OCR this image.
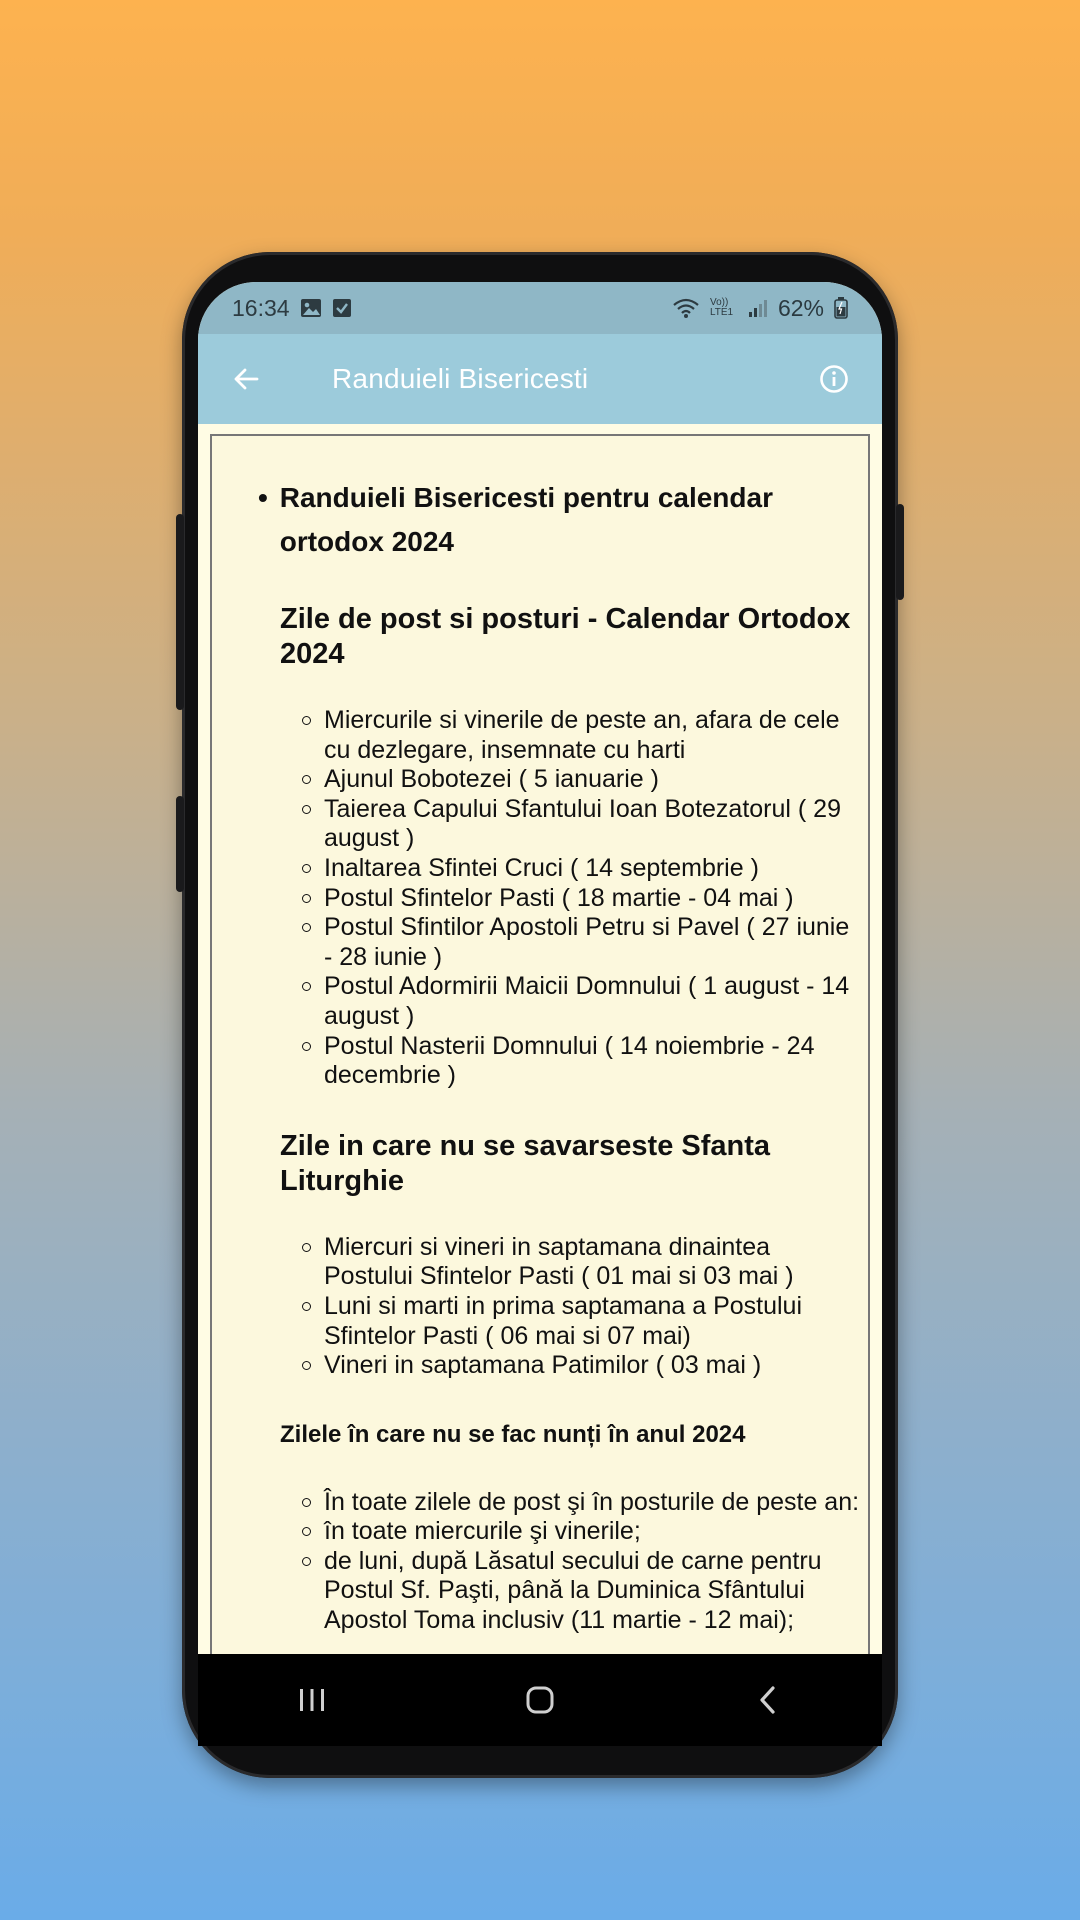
16:34	Vo)) LTE1 62%
Randuieli Bisericesti
• Randuieli Bisericesti pentru calendar ortodox 2024
Zile de post si posturi - Calendar Ortodox 2024
Miercurile si vinerile de peste an, afara de cele cu dezlegare, insemnate cu harti
Ajunul Bobotezei ( 5 ianuarie )
Taierea Capului Sfantului Ioan Botezatorul ( 29 august )
Inaltarea Sfintei Cruci ( 14 septembrie )
Postul Sfintelor Pasti ( 18 martie - 04 mai )
Postul Sfintilor Apostoli Petru si Pavel ( 27 iunie - 28 iunie )
Postul Adormirii Maicii Domnului ( 1 august - 14 august )
Postul Nasterii Domnului ( 14 noiembrie - 24 decembrie )
Zile in care nu se savarseste Sfanta Liturghie
Miercuri si vineri in saptamana dinaintea Postului Sfintelor Pasti ( 01 mai si 03 mai )
Luni si marti in prima saptamana a Postului Sfintelor Pasti ( 06 mai si 07 mai)
Vineri in saptamana Patimilor ( 03 mai )
Zilele în care nu se fac nunți în anul 2024
În toate zilele de post şi în posturile de peste an:
în toate miercurile şi vinerile;
de luni, după Lăsatul secului de carne pentru Postul Sf. Paşti, până la Duminica Sfântului Apostol Toma inclusiv (11 martie - 12 mai);
